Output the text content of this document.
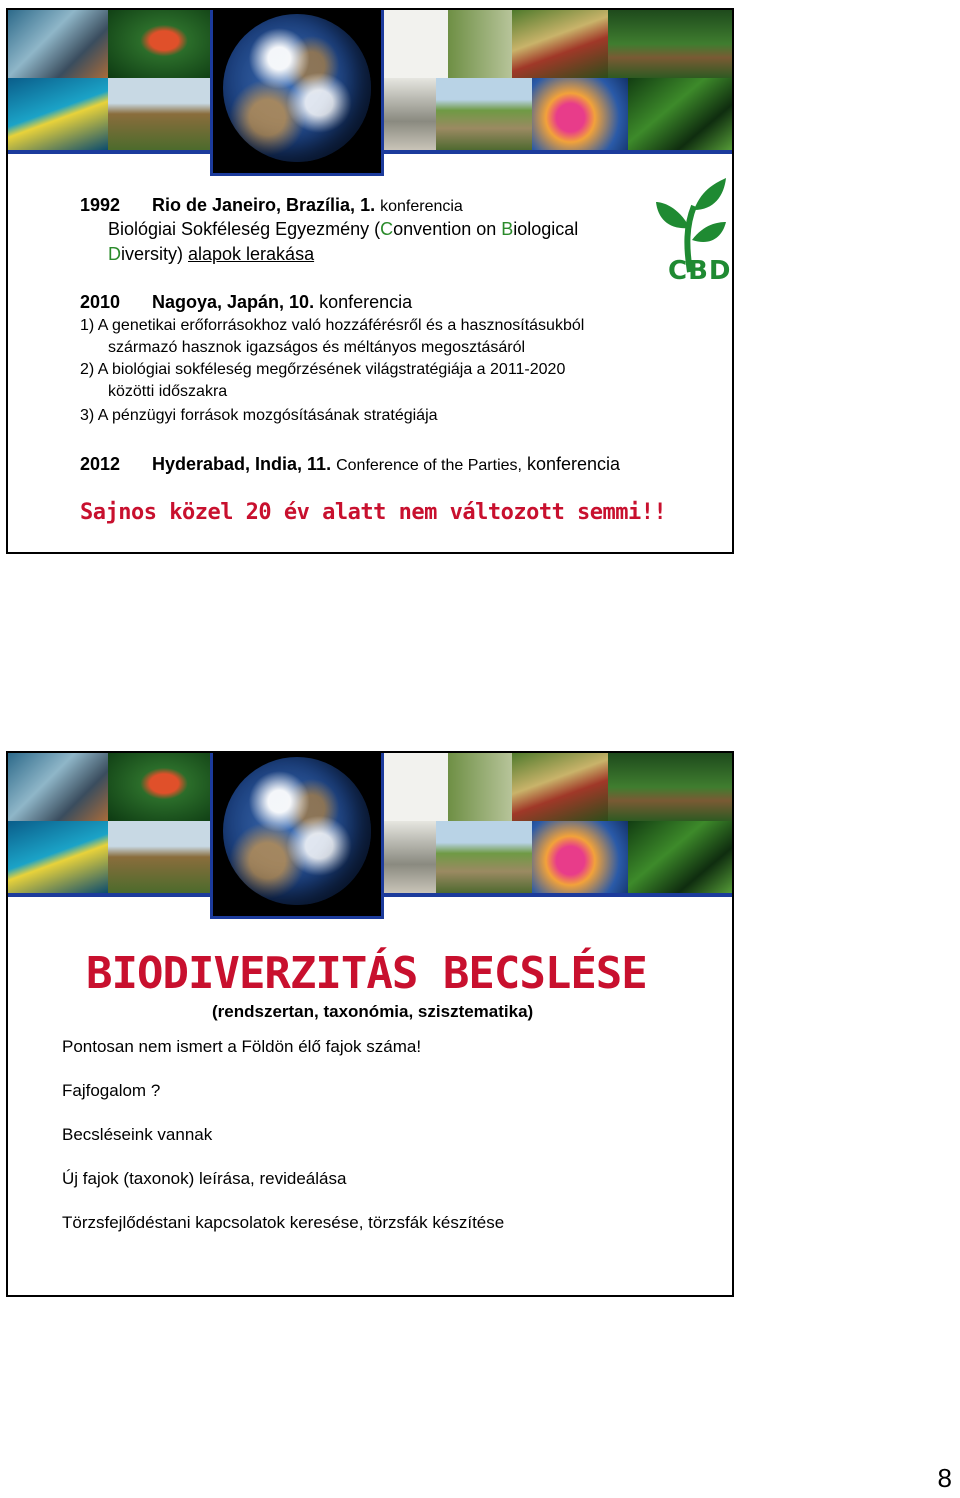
CBD
1992 Rio de Janeiro, Brazília, 1. konferencia
Biológiai Sokféleség Egyezmény (Convention on Biological
Diversity) alapok lerakása
2010 Nagoya, Japán, 10. konferencia
1) A genetikai erőforrásokhoz való hozzáférésről és a hasznosításukból
származó hasznok igazságos és méltányos megosztásáról
2) A biológiai sokféleség megőrzésének világstratégiája a 2011-2020
közötti időszakra
3) A pénzügyi források mozgósításának stratégiája
2012 Hyderabad, India, 11. Conference of the Parties, konferencia
Sajnos közel 20 év alatt nem változott semmi!!
BIODIVERZITÁS BECSLÉSE
(rendszertan, taxonómia, szisztematika)
Pontosan nem ismert a Földön élő fajok száma!
Fajfogalom ?
Becsléseink vannak
Új fajok (taxonok) leírása, revideálása
Törzsfejlődéstani kapcsolatok keresése, törzsfák készítése
8
